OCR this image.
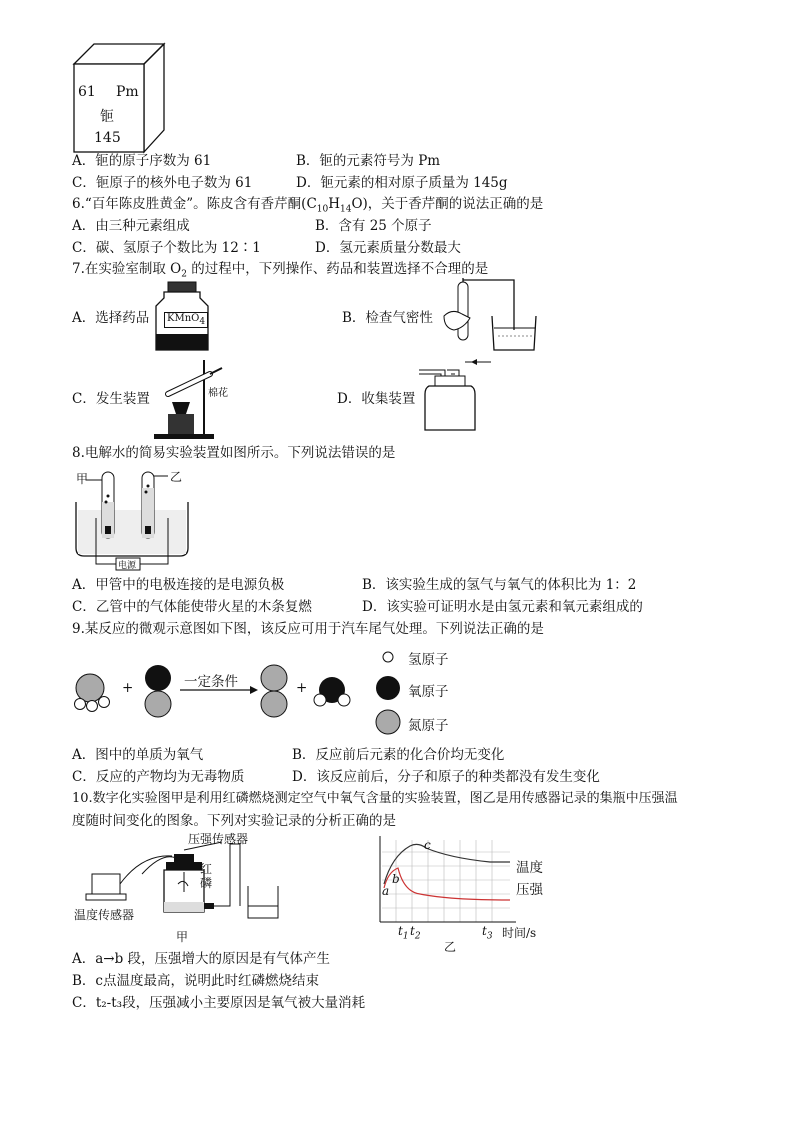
61 Pm
钷
145
A．钷的原子序数为 61	B．钷的元素符号为 Pm
C．钷原子的核外电子数为 61	D．钷元素的相对原子质量为 145g
6.“百年陈皮胜黄金”。陈皮含有香芹酮$(C_{10}H_{14}O)$，关于香芹酮的说法正确的是
A．由三种元素组成	B．含有 25 个原子
C．碳、氢原子个数比为 12∶1	D．氢元素质量分数最大
7.在实验室制取 $O_2$ 的过程中，下列操作、药品和装置选择不合理的是
A．选择药品	B．检查气密性
C．发生装置	D．收集装置
KMnO$_4$
棉花
8.电解水的简易实验装置如图所示。下列说法错误的是
甲	乙
电源
A．甲管中的电极连接的是电源负极	B．该实验生成的氢气与氧气的体积比为 1：2
C．乙管中的气体能使带火星的木条复燃	D．该实验可证明水是由氢元素和氧元素组成的
9.某反应的微观示意图如下图，该反应可用于汽车尾气处理。下列说法正确的是
+	一定条件	+
氢原子
氧原子
氮原子
A．图中的单质为氧气	B．反应前后元素的化合价均无变化
C．反应的产物均为无毒物质	D．该反应前后，分子和原子的种类都没有发生变化
10.数字化实验图甲是利用红磷燃烧测定空气中氧气含量的实验装置，图乙是用传感器记录的集瓶中压强温
度随时间变化的图象。下列对实验记录的分析正确的是
压强传感器
红磷
温度传感器
甲
a
b
c
$t_1$ $t_2$	$t_3$ 时间/s
温度
压强
乙
A．a→b 段，压强增大的原因是有气体产生
B．c点温度最高，说明此时红磷燃烧结束
C．t₂-t₃段，压强减小主要原因是氧气被大量消耗
